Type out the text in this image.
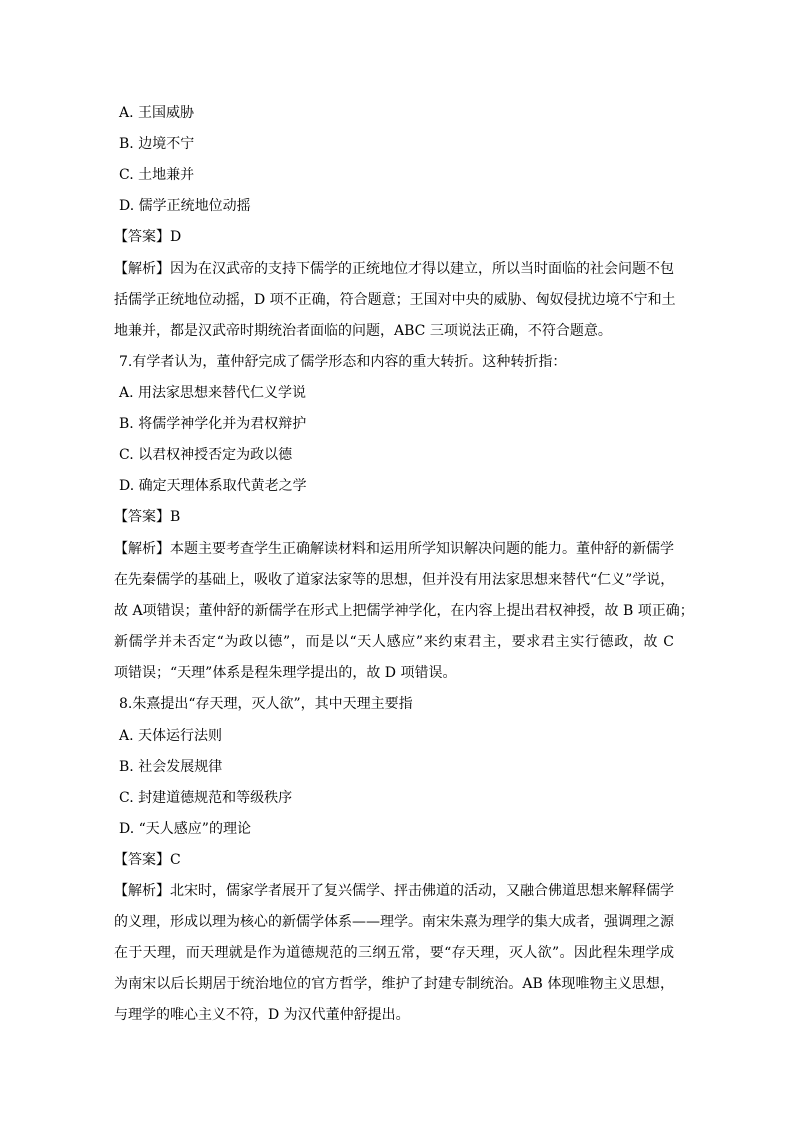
A. 王国威胁
B. 边境不宁
C. 土地兼并
D. 儒学正统地位动摇
【答案】D
【解析】因为在汉武帝的支持下儒学的正统地位才得以建立，所以当时面临的社会问题不包
括儒学正统地位动摇，D 项不正确，符合题意；王国对中央的威胁、匈奴侵扰边境不宁和土
地兼并，都是汉武帝时期统治者面临的问题，ABC 三项说法正确，不符合题意。
7.有学者认为，董仲舒完成了儒学形态和内容的重大转折。这种转折指：
A. 用法家思想来替代仁义学说
B. 将儒学神学化并为君权辩护
C. 以君权神授否定为政以德
D. 确定天理体系取代黄老之学
【答案】B
【解析】本题主要考查学生正确解读材料和运用所学知识解决问题的能力。董仲舒的新儒学
在先秦儒学的基础上，吸收了道家法家等的思想，但并没有用法家思想来替代“仁义”学说，
故 A项错误；董仲舒的新儒学在形式上把儒学神学化，在内容上提出君权神授，故 B 项正确；
新儒学并未否定“为政以德”，而是以“天人感应”来约束君主，要求君主实行德政，故 C
项错误；“天理”体系是程朱理学提出的，故 D 项错误。
8.朱熹提出“存天理，灭人欲”，其中天理主要指
A. 天体运行法则
B. 社会发展规律
C. 封建道德规范和等级秩序
D. “天人感应”的理论
【答案】C
【解析】北宋时，儒家学者展开了复兴儒学、抨击佛道的活动，又融合佛道思想来解释儒学
的义理，形成以理为核心的新儒学体系——理学。南宋朱熹为理学的集大成者，强调理之源
在于天理，而天理就是作为道德规范的三纲五常，要“存天理，灭人欲”。因此程朱理学成
为南宋以后长期居于统治地位的官方哲学，维护了封建专制统治。AB 体现唯物主义思想，
与理学的唯心主义不符，D 为汉代董仲舒提出。
